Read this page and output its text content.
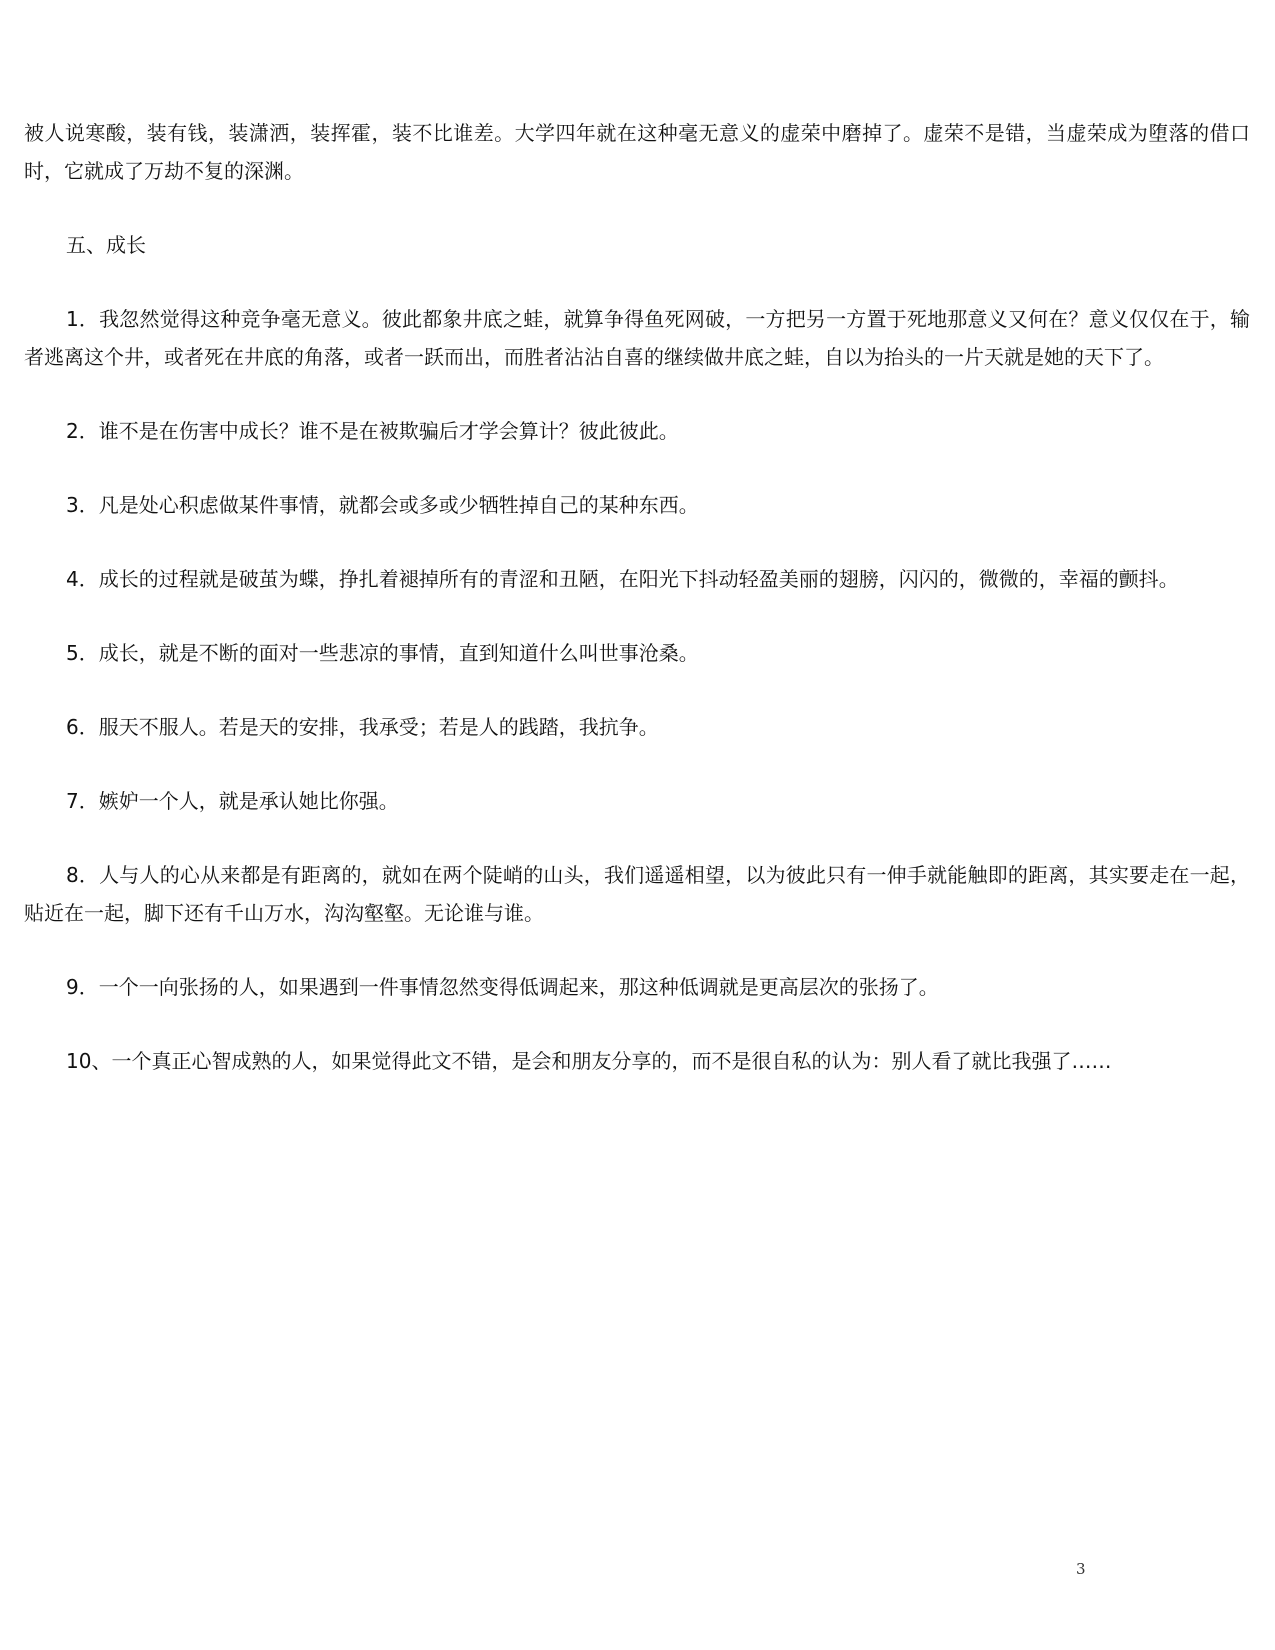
被人说寒酸，装有钱，装潇洒，装挥霍，装不比谁差。大学四年就在这种毫无意义的虚荣中磨掉了。虚荣不是错，当虚荣成为堕落的借口时，它就成了万劫不复的深渊。

五、成长

1．我忽然觉得这种竞争毫无意义。彼此都象井底之蛙，就算争得鱼死网破，一方把另一方置于死地那意义又何在？意义仅仅在于，输者逃离这个井，或者死在井底的角落，或者一跃而出，而胜者沾沾自喜的继续做井底之蛙，自以为抬头的一片天就是她的天下了。

2．谁不是在伤害中成长？谁不是在被欺骗后才学会算计？彼此彼此。

3．凡是处心积虑做某件事情，就都会或多或少牺牲掉自己的某种东西。

4．成长的过程就是破茧为蝶，挣扎着褪掉所有的青涩和丑陋，在阳光下抖动轻盈美丽的翅膀，闪闪的，微微的，幸福的颤抖。

5．成长，就是不断的面对一些悲凉的事情，直到知道什么叫世事沧桑。

6．服天不服人。若是天的安排，我承受；若是人的践踏，我抗争。

7．嫉妒一个人，就是承认她比你强。

8．人与人的心从来都是有距离的，就如在两个陡峭的山头，我们遥遥相望，以为彼此只有一伸手就能触即的距离，其实要走在一起，贴近在一起，脚下还有千山万水，沟沟壑壑。无论谁与谁。

9．一个一向张扬的人，如果遇到一件事情忽然变得低调起来，那这种低调就是更高层次的张扬了。

10、一个真正心智成熟的人，如果觉得此文不错，是会和朋友分享的，而不是很自私的认为：别人看了就比我强了……

3
